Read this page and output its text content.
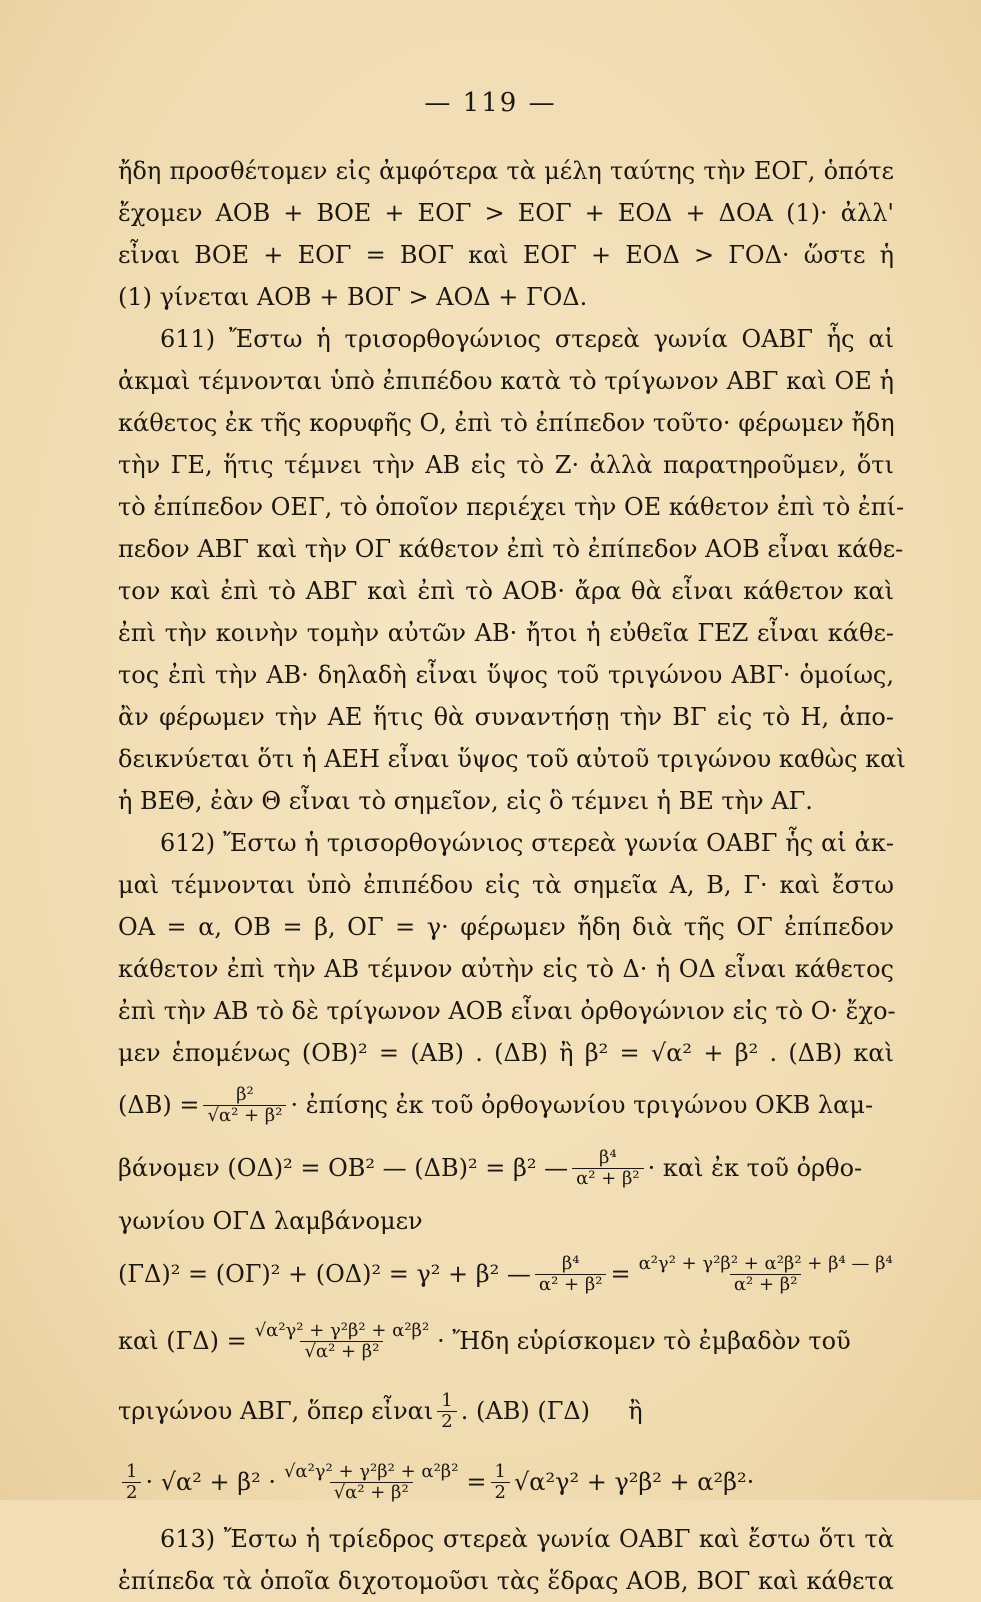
— 119 —
ἤδη προσθέτομεν εἰς ἀμφότερα τὰ μέλη ταύτης τὴν ΕΟΓ, ὁπότε
ἔχομεν ΑΟΒ + ΒΟΕ + ΕΟΓ > ΕΟΓ + ΕΟΔ + ΔΟΑ (1)· ἀλλ'
εἶναι ΒΟΕ + ΕΟΓ = ΒΟΓ καὶ ΕΟΓ + ΕΟΔ > ΓΟΔ· ὥστε ἡ
(1) γίνεται ΑΟΒ + ΒΟΓ > ΑΟΔ + ΓΟΔ.
611) Ἔστω ἡ τρισορθογώνιος στερεὰ γωνία ΟΑΒΓ ἧς αἱ
ἀκμαὶ τέμνονται ὑπὸ ἐπιπέδου κατὰ τὸ τρίγωνον ΑΒΓ καὶ ΟΕ ἡ
κάθετος ἐκ τῆς κορυφῆς Ο, ἐπὶ τὸ ἐπίπεδον τοῦτο· φέρωμεν ἤδη
τὴν ΓΕ, ἥτις τέμνει τὴν ΑΒ εἰς τὸ Ζ· ἀλλὰ παρατηροῦμεν, ὅτι
τὸ ἐπίπεδον ΟΕΓ, τὸ ὁποῖον περιέχει τὴν ΟΕ κάθετον ἐπὶ τὸ ἐπί-
πεδον ΑΒΓ καὶ τὴν ΟΓ κάθετον ἐπὶ τὸ ἐπίπεδον ΑΟΒ εἶναι κάθε-
τον καὶ ἐπὶ τὸ ΑΒΓ καὶ ἐπὶ τὸ ΑΟΒ· ἄρα θὰ εἶναι κάθετον καὶ
ἐπὶ τὴν κοινὴν τομὴν αὐτῶν ΑΒ· ἤτοι ἡ εὐθεῖα ΓΕΖ εἶναι κάθε-
τος ἐπὶ τὴν ΑΒ· δηλαδὴ εἶναι ὕψος τοῦ τριγώνου ΑΒΓ· ὁμοίως,
ἂν φέρωμεν τὴν ΑΕ ἥτις θὰ συναντήσῃ τὴν ΒΓ εἰς τὸ Η, ἀπο-
δεικνύεται ὅτι ἡ ΑΕΗ εἶναι ὕψος τοῦ αὐτοῦ τριγώνου καθὼς καὶ
ἡ ΒΕΘ, ἐὰν Θ εἶναι τὸ σημεῖον, εἰς ὃ τέμνει ἡ ΒΕ τὴν ΑΓ.
612) Ἔστω ἡ τρισορθογώνιος στερεὰ γωνία ΟΑΒΓ ἧς αἱ ἀκ-
μαὶ τέμνονται ὑπὸ ἐπιπέδου εἰς τὰ σημεῖα Α, Β, Γ· καὶ ἔστω
ΟΑ = α, ΟΒ = β, ΟΓ = γ· φέρωμεν ἤδη διὰ τῆς ΟΓ ἐπίπεδον
κάθετον ἐπὶ τὴν ΑΒ τέμνον αὐτὴν εἰς τὸ Δ· ἡ ΟΔ εἶναι κάθετος
ἐπὶ τὴν ΑΒ τὸ δὲ τρίγωνον ΑΟΒ εἶναι ὀρθογώνιον εἰς τὸ Ο· ἔχο-
μεν ἑπομένως (ΟΒ)² = (ΑΒ) . (ΔΒ) ἢ β² = √α² + β² . (ΔΒ) καὶ
$(\Delta B) = \frac{\text{β²}}{\text{√α² + β²}}$ · ἐπίσης ἐκ τοῦ ὀρθογωνίου τριγώνου ΟΚΒ λαμ-
βάνομεν (ΟΔ)² = ΟΒ² — (ΔΒ)² = β² — $\frac{\text{β⁴}}{\text{α² + β²}}$ · καὶ ἐκ τοῦ ὀρθο-
γωνίου ΟΓΔ λαμβάνομεν
(ΓΔ)² = (ΟΓ)² + (ΟΔ)² = γ² + β² — $\frac{\text{β⁴}}{\text{α² + β²}} = \frac{\text{α²γ² + γ²β² + α²β² + β⁴ — β⁴}}{\text{α² + β²}}$
καὶ $(\Gamma\Delta) = \frac{\text{√α²γ² + γ²β² + α²β²}}{\text{√α² + β²}}$ · Ἤδη εὑρίσκομεν τὸ ἐμβαδὸν τοῦ
τριγώνου ΑΒΓ, ὅπερ εἶναι $\frac{1}{2}$ . (ΑΒ) (ΓΔ)     ἢ
$\frac{1}{2} \cdot √\alpha^2 + \beta^2 \cdot \frac{\text{√α²γ² + γ²β² + α²β²}}{\text{√α² + β²}} = \frac{1}{2} √\alpha^2\gamma^2 + \gamma^2\beta^2 + \alpha^2\beta^2\cdot$
613) Ἔστω ἡ τρίεδρος στερεὰ γωνία ΟΑΒΓ καὶ ἔστω ὅτι τὰ
ἐπίπεδα τὰ ὁποῖα διχοτομοῦσι τὰς ἕδρας ΑΟΒ, ΒΟΓ καὶ κάθετα
